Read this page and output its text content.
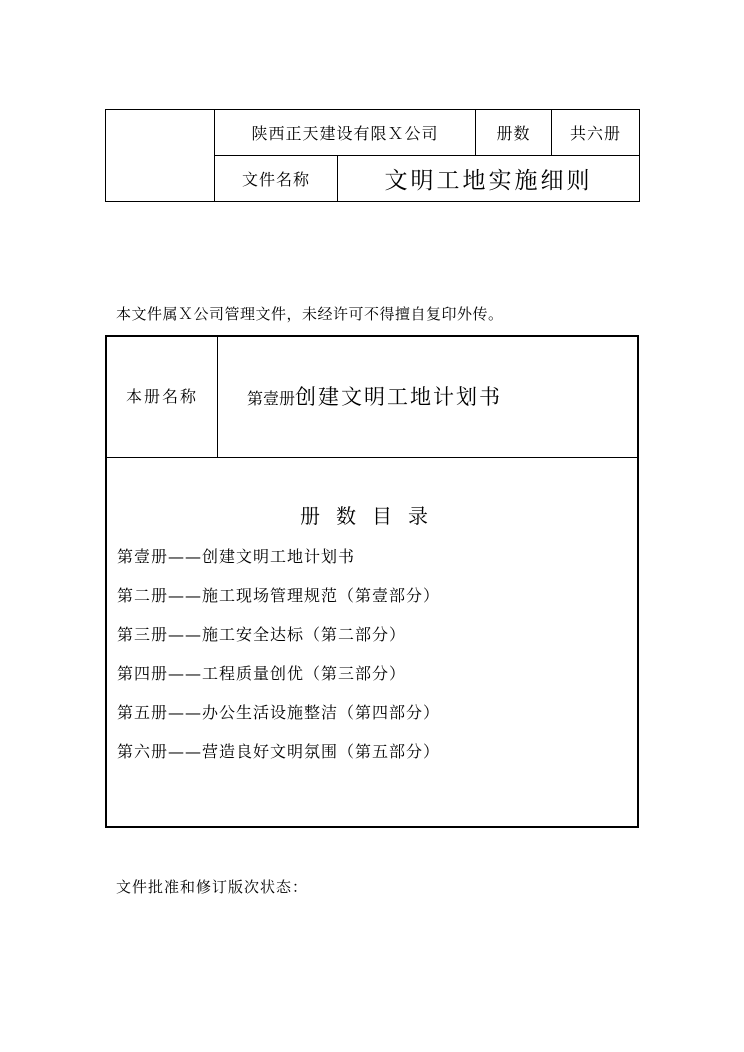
	陕西正天建设有限Ｘ公司		册数	共六册
	文件名称	文明工地实施细则		
本文件属Ｘ公司管理文件，未经许可不得擅自复印外传。
本册名称	第壹册创建文明工地计划书
册数目录
第壹册——创建文明工地计划书
第二册——施工现场管理规范（第壹部分）
第三册——施工安全达标（第二部分）
第四册——工程质量创优（第三部分）
第五册——办公生活设施整洁（第四部分）
第六册——营造良好文明氛围（第五部分）
文件批准和修订版次状态：
